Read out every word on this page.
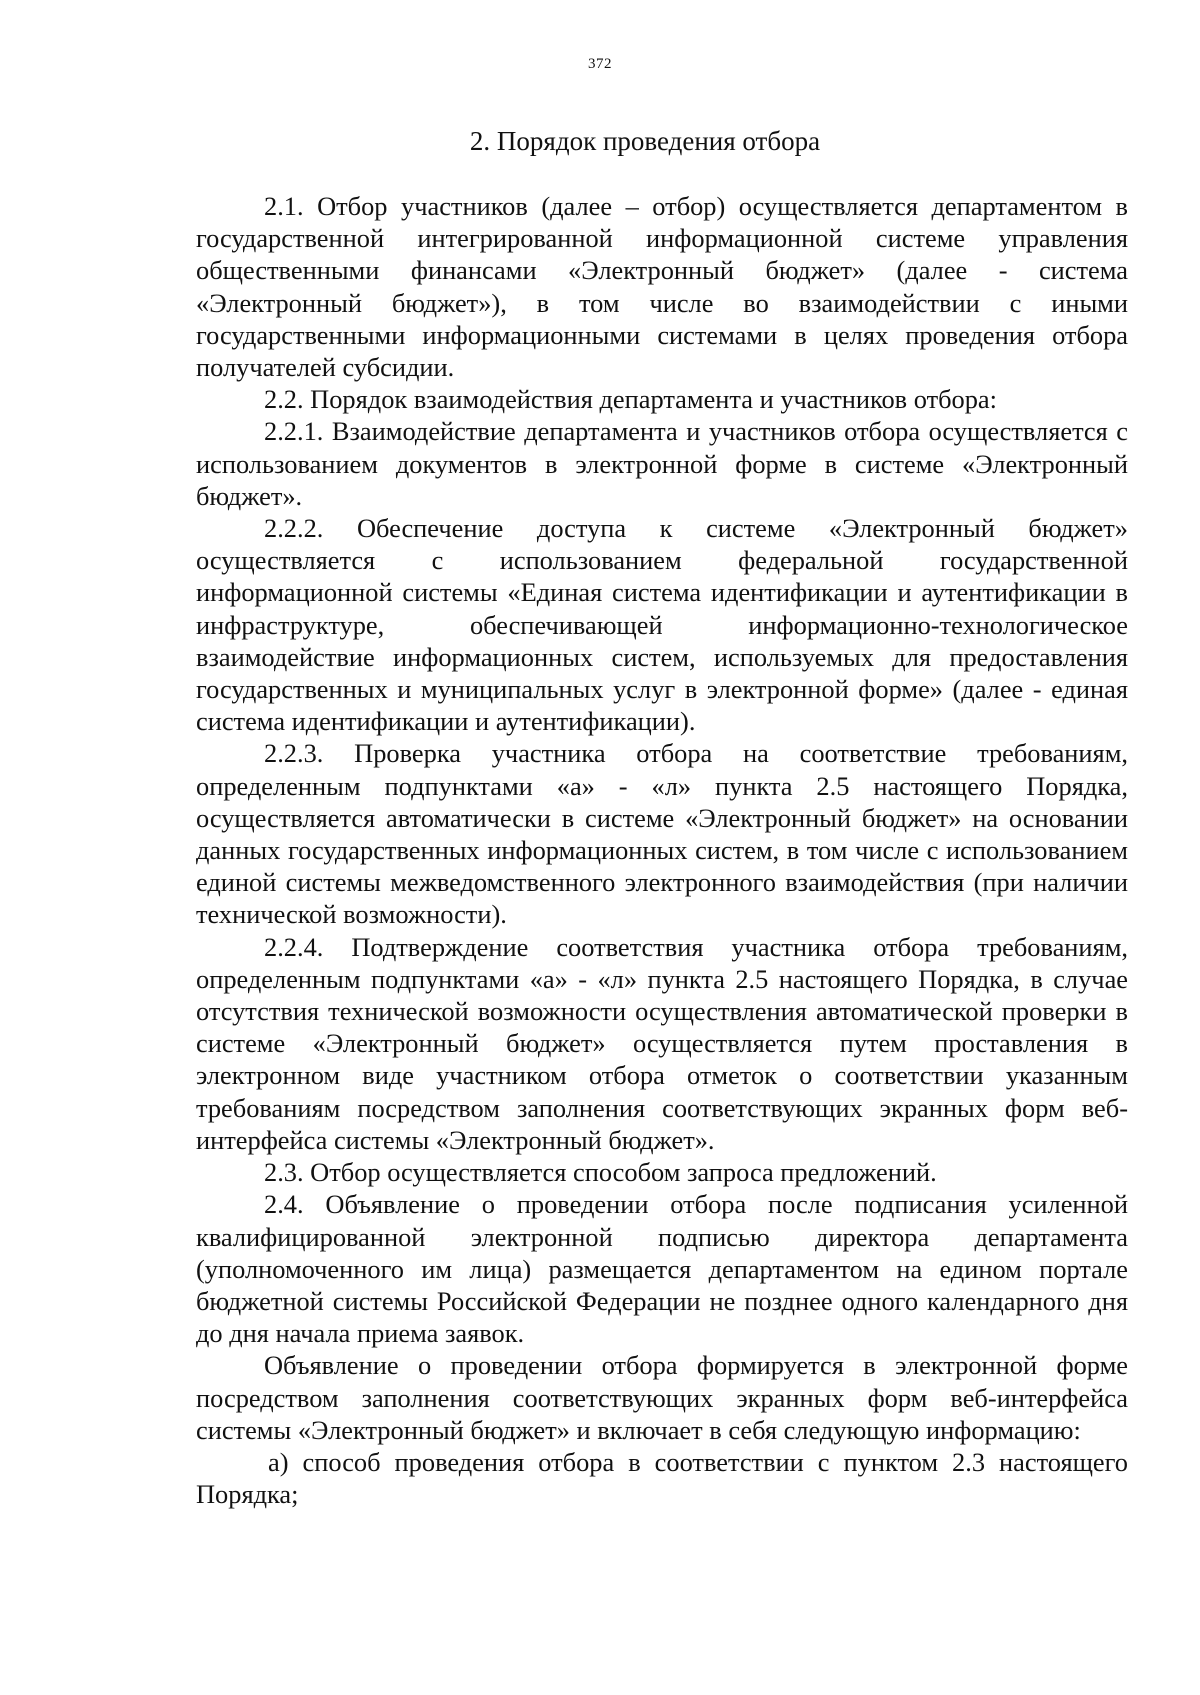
372
2. Порядок проведения отбора

2.1. Отбор участников (далее – отбор) осуществляется департаментом в государственной интегрированной информационной системе управления общественными финансами «Электронный бюджет» (далее - система «Электронный бюджет»), в том числе во взаимодействии с иными государственными информационными системами в целях проведения отбора получателей субсидии.

2.2. Порядок взаимодействия департамента и участников отбора:

2.2.1. Взаимодействие департамента и участников отбора осуществляется с использованием документов в электронной форме в системе «Электронный бюджет».

2.2.2. Обеспечение доступа к системе «Электронный бюджет» осуществляется с использованием федеральной государственной информационной системы «Единая система идентификации и аутентификации в инфраструктуре, обеспечивающей информационно-технологическое взаимодействие информационных систем, используемых для предоставления государственных и муниципальных услуг в электронной форме» (далее - единая система идентификации и аутентификации).

2.2.3. Проверка участника отбора на соответствие требованиям, определенным подпунктами «а» - «л» пункта 2.5 настоящего Порядка, осуществляется автоматически в системе «Электронный бюджет» на основании данных государственных информационных систем, в том числе с использованием единой системы межведомственного электронного взаимодействия (при наличии технической возможности).

2.2.4. Подтверждение соответствия участника отбора требованиям, определенным подпунктами «а» - «л» пункта 2.5 настоящего Порядка, в случае отсутствия технической возможности осуществления автоматической проверки в системе «Электронный бюджет» осуществляется путем проставления в электронном виде участником отбора отметок о соответствии указанным требованиям посредством заполнения соответствующих экранных форм веб-интерфейса системы «Электронный бюджет».

2.3. Отбор осуществляется способом запроса предложений.

2.4. Объявление о проведении отбора после подписания усиленной квалифицированной электронной подписью директора департамента (уполномоченного им лица) размещается департаментом на едином портале бюджетной системы Российской Федерации не позднее одного календарного дня до дня начала приема заявок.

Объявление о проведении отбора формируется в электронной форме посредством заполнения соответствующих экранных форм веб-интерфейса системы «Электронный бюджет» и включает в себя следующую информацию:

а) способ проведения отбора в соответствии с пунктом 2.3 настоящего Порядка;
